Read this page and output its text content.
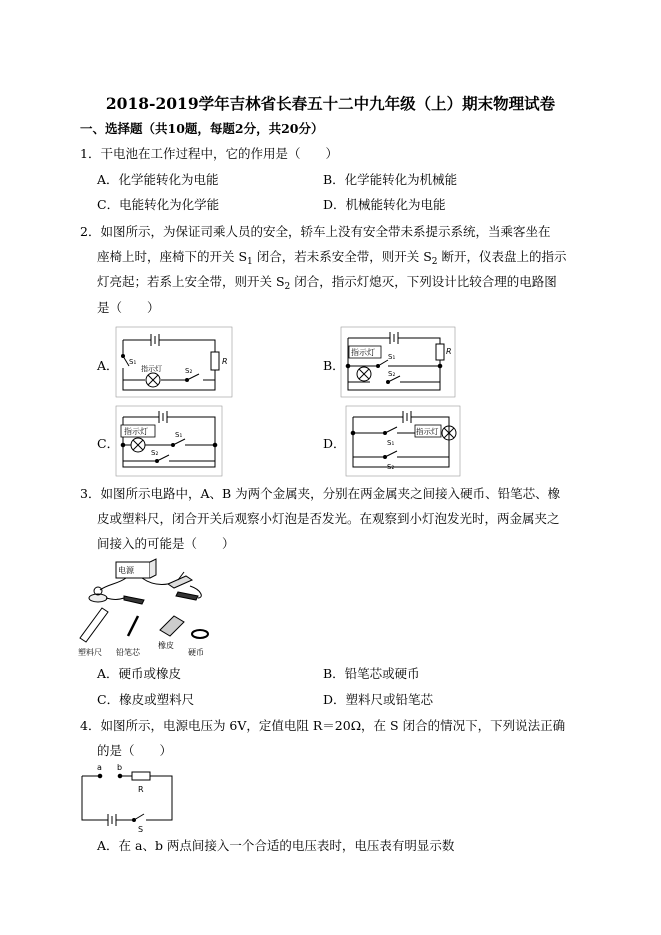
2018-2019学年吉林省长春五十二中九年级（上）期末物理试卷
一、选择题（共10题，每题2分，共20分）
1．干电池在工作过程中，它的作用是（　　）
A．化学能转化为电能	B．化学能转化为机械能
C．电能转化为化学能	D．机械能转化为电能
2．如图所示，为保证司乘人员的安全，轿车上没有安全带未系提示系统，当乘客坐在
座椅上时，座椅下的开关 $S_1$ 闭合，若未系安全带，则开关 $S_2$ 断开，仪表盘上的指示
灯亮起；若系上安全带，则开关 $S_2$ 闭合，指示灯熄灭，下列设计比较合理的电路图
是（　　）
A．	B．
C．	D．
S₁
指示灯	S₂
R
指示灯 S₁
S₂
R
指示灯	S₁
S₂
指示灯
S₁
S₂
3．如图所示电路中，A、B 为两个金属夹，分别在两金属夹之间接入硬币、铅笔芯、橡
皮或塑料尺，闭合开关后观察小灯泡是否发光。在观察到小灯泡发光时，两金属夹之
间接入的可能是（　　）
电源
塑料尺 铅笔芯
橡皮
硬币
A．硬币或橡皮	B．铅笔芯或硬币
C．橡皮或塑料尺	D．塑料尺或铅笔芯
4．如图所示，电源电压为 6V，定值电阻 R＝20Ω，在 S 闭合的情况下，下列说法正确
的是（　　）
a b
R
S
A．在 a、b 两点间接入一个合适的电压表时，电压表有明显示数
